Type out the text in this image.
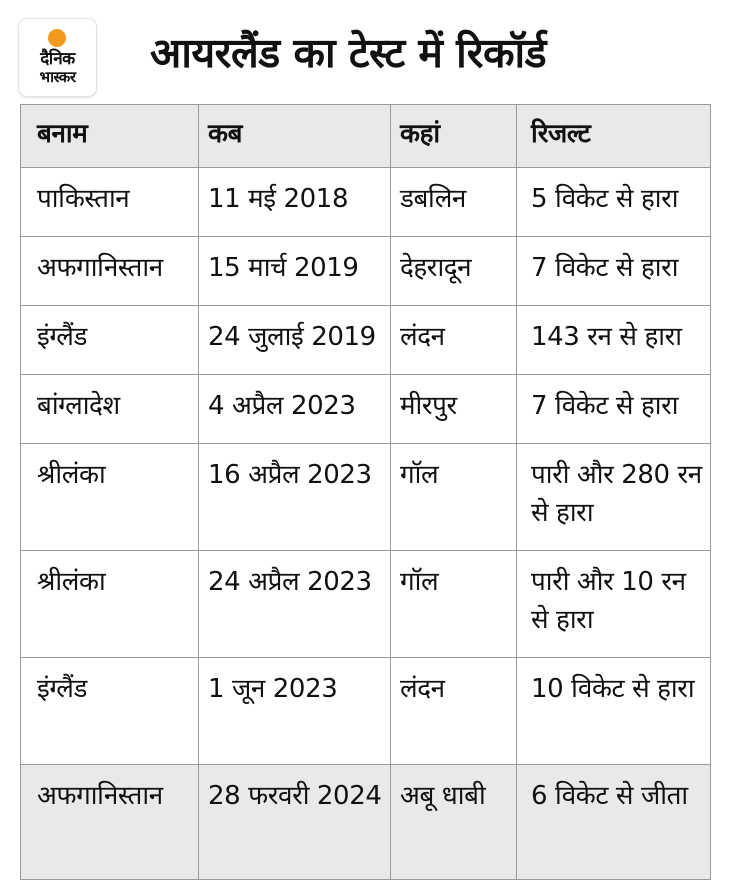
दैनिक
भास्कर	आयरलैंड का टेस्ट में रिकॉर्ड
बनाम	कब	कहां	रिजल्ट
पाकिस्तान	11 मई 2018	डबलिन	5 विकेट से हारा
अफगानिस्तान	15 मार्च 2019	देहरादून	7 विकेट से हारा
इंग्लैंड	24 जुलाई 2019	लंदन	143 रन से हारा
बांग्लादेश	4 अप्रैल 2023	मीरपुर	7 विकेट से हारा
श्रीलंका	16 अप्रैल 2023	गॉल	पारी और 280 रन से हारा
श्रीलंका	24 अप्रैल 2023	गॉल	पारी और 10 रन से हारा
इंग्लैंड	1 जून 2023	लंदन	10 विकेट से हारा
अफगानिस्तान	28 फरवरी 2024	अबू धाबी	6 विकेट से जीता
